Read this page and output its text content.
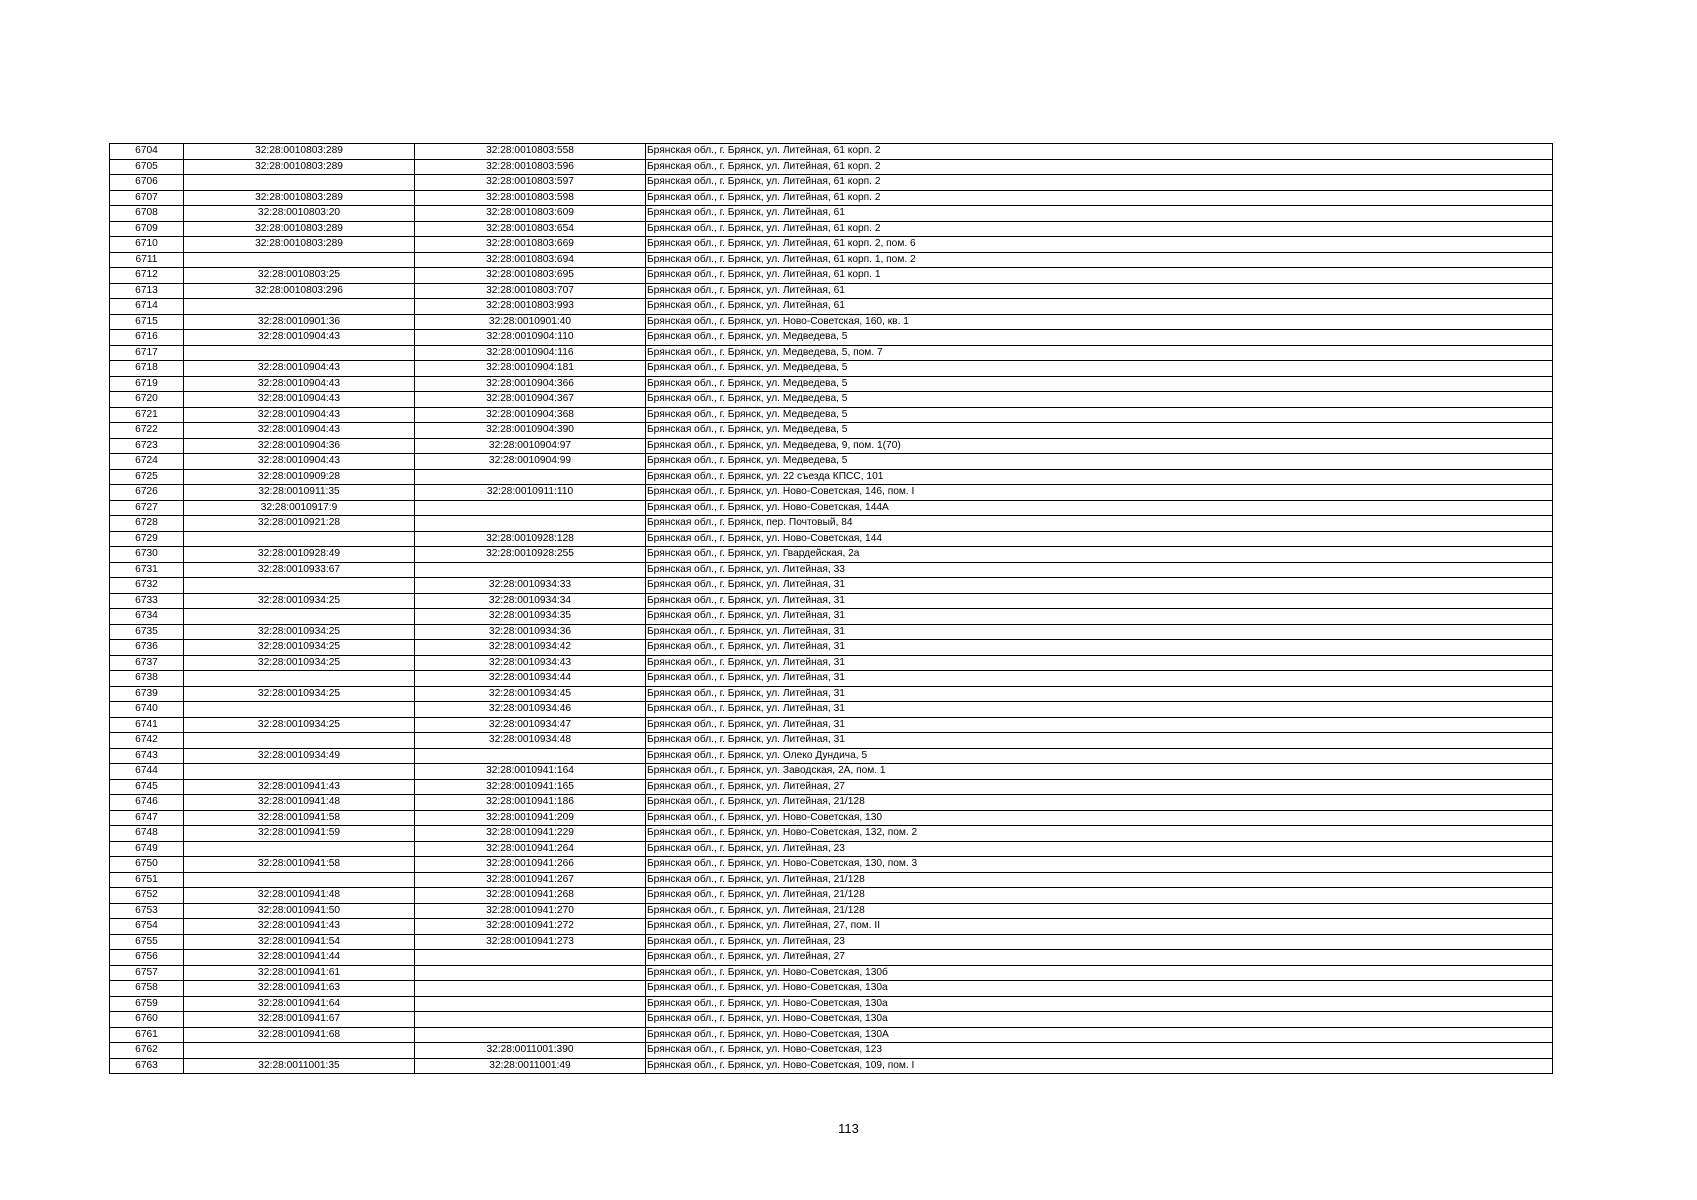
6704	32:28:0010803:289	32:28:0010803:558	Брянская обл., г. Брянск, ул. Литейная, 61 корп. 2
6705	32:28:0010803:289	32:28:0010803:596	Брянская обл., г. Брянск, ул. Литейная, 61 корп. 2
6706		32:28:0010803:597	Брянская обл., г. Брянск, ул. Литейная, 61 корп. 2
6707	32:28:0010803:289	32:28:0010803:598	Брянская обл., г. Брянск, ул. Литейная, 61 корп. 2
6708	32:28:0010803:20	32:28:0010803:609	Брянская обл., г. Брянск, ул. Литейная, 61
6709	32:28:0010803:289	32:28:0010803:654	Брянская обл., г. Брянск, ул. Литейная, 61 корп. 2
6710	32:28:0010803:289	32:28:0010803:669	Брянская обл., г. Брянск, ул. Литейная, 61 корп. 2, пом. 6
6711		32:28:0010803:694	Брянская обл., г. Брянск, ул. Литейная, 61 корп. 1, пом. 2
6712	32:28:0010803:25	32:28:0010803:695	Брянская обл., г. Брянск, ул. Литейная, 61 корп. 1
6713	32:28:0010803:296	32:28:0010803:707	Брянская обл., г. Брянск, ул. Литейная, 61
6714		32:28:0010803:993	Брянская обл., г. Брянск, ул. Литейная, 61
6715	32:28:0010901:36	32:28:0010901:40	Брянская обл., г. Брянск, ул. Ново-Советская, 160, кв. 1
6716	32:28:0010904:43	32:28:0010904:110	Брянская обл., г. Брянск, ул. Медведева, 5
6717		32:28:0010904:116	Брянская обл., г. Брянск, ул. Медведева, 5, пом. 7
6718	32:28:0010904:43	32:28:0010904:181	Брянская обл., г. Брянск, ул. Медведева, 5
6719	32:28:0010904:43	32:28:0010904:366	Брянская обл., г. Брянск, ул. Медведева, 5
6720	32:28:0010904:43	32:28:0010904:367	Брянская обл., г. Брянск, ул. Медведева, 5
6721	32:28:0010904:43	32:28:0010904:368	Брянская обл., г. Брянск, ул. Медведева, 5
6722	32:28:0010904:43	32:28:0010904:390	Брянская обл., г. Брянск, ул. Медведева, 5
6723	32:28:0010904:36	32:28:0010904:97	Брянская обл., г. Брянск, ул. Медведева, 9, пом. 1(70)
6724	32:28:0010904:43	32:28:0010904:99	Брянская обл., г. Брянск, ул. Медведева, 5
6725	32:28:0010909:28		Брянская обл., г. Брянск, ул. 22 съезда КПСС, 101
6726	32:28:0010911:35	32:28:0010911:110	Брянская обл., г. Брянск, ул. Ново-Советская, 146, пом. I
6727	32:28:0010917:9		Брянская обл., г. Брянск, ул. Ново-Советская, 144А
6728	32:28:0010921:28		Брянская обл., г. Брянск, пер. Почтовый, 84
6729		32:28:0010928:128	Брянская обл., г. Брянск, ул. Ново-Советская, 144
6730	32:28:0010928:49	32:28:0010928:255	Брянская обл., г. Брянск, ул. Гвардейская, 2а
6731	32:28:0010933:67		Брянская обл., г. Брянск, ул. Литейная, 33
6732		32:28:0010934:33	Брянская обл., г. Брянск, ул. Литейная, 31
6733	32:28:0010934:25	32:28:0010934:34	Брянская обл., г. Брянск, ул. Литейная, 31
6734		32:28:0010934:35	Брянская обл., г. Брянск, ул. Литейная, 31
6735	32:28:0010934:25	32:28:0010934:36	Брянская обл., г. Брянск, ул. Литейная, 31
6736	32:28:0010934:25	32:28:0010934:42	Брянская обл., г. Брянск, ул. Литейная, 31
6737	32:28:0010934:25	32:28:0010934:43	Брянская обл., г. Брянск, ул. Литейная, 31
6738		32:28:0010934:44	Брянская обл., г. Брянск, ул. Литейная, 31
6739	32:28:0010934:25	32:28:0010934:45	Брянская обл., г. Брянск, ул. Литейная, 31
6740		32:28:0010934:46	Брянская обл., г. Брянск, ул. Литейная, 31
6741	32:28:0010934:25	32:28:0010934:47	Брянская обл., г. Брянск, ул. Литейная, 31
6742		32:28:0010934:48	Брянская обл., г. Брянск, ул. Литейная, 31
6743	32:28:0010934:49		Брянская обл., г. Брянск, ул. Олеко Дундича, 5
6744		32:28:0010941:164	Брянская обл., г. Брянск, ул. Заводская, 2А, пом. 1
6745	32:28:0010941:43	32:28:0010941:165	Брянская обл., г. Брянск, ул. Литейная, 27
6746	32:28:0010941:48	32:28:0010941:186	Брянская обл., г. Брянск, ул. Литейная, 21/128
6747	32:28:0010941:58	32:28:0010941:209	Брянская обл., г. Брянск, ул. Ново-Советская, 130
6748	32:28:0010941:59	32:28:0010941:229	Брянская обл., г. Брянск, ул. Ново-Советская, 132, пом. 2
6749		32:28:0010941:264	Брянская обл., г. Брянск, ул. Литейная, 23
6750	32:28:0010941:58	32:28:0010941:266	Брянская обл., г. Брянск, ул. Ново-Советская, 130, пом. 3
6751		32:28:0010941:267	Брянская обл., г. Брянск, ул. Литейная, 21/128
6752	32:28:0010941:48	32:28:0010941:268	Брянская обл., г. Брянск, ул. Литейная, 21/128
6753	32:28:0010941:50	32:28:0010941:270	Брянская обл., г. Брянск, ул. Литейная, 21/128
6754	32:28:0010941:43	32:28:0010941:272	Брянская обл., г. Брянск, ул. Литейная, 27, пом. II
6755	32:28:0010941:54	32:28:0010941:273	Брянская обл., г. Брянск, ул. Литейная, 23
6756	32:28:0010941:44		Брянская обл., г. Брянск, ул. Литейная, 27
6757	32:28:0010941:61		Брянская обл., г. Брянск, ул. Ново-Советская, 130б
6758	32:28:0010941:63		Брянская обл., г. Брянск, ул. Ново-Советская, 130а
6759	32:28:0010941:64		Брянская обл., г. Брянск, ул. Ново-Советская, 130а
6760	32:28:0010941:67		Брянская обл., г. Брянск, ул. Ново-Советская, 130а
6761	32:28:0010941:68		Брянская обл., г. Брянск, ул. Ново-Советская, 130А
6762		32:28:0011001:390	Брянская обл., г. Брянск, ул. Ново-Советская, 123
6763	32:28:0011001:35	32:28:0011001:49	Брянская обл., г. Брянск, ул. Ново-Советская, 109, пом. I
113
